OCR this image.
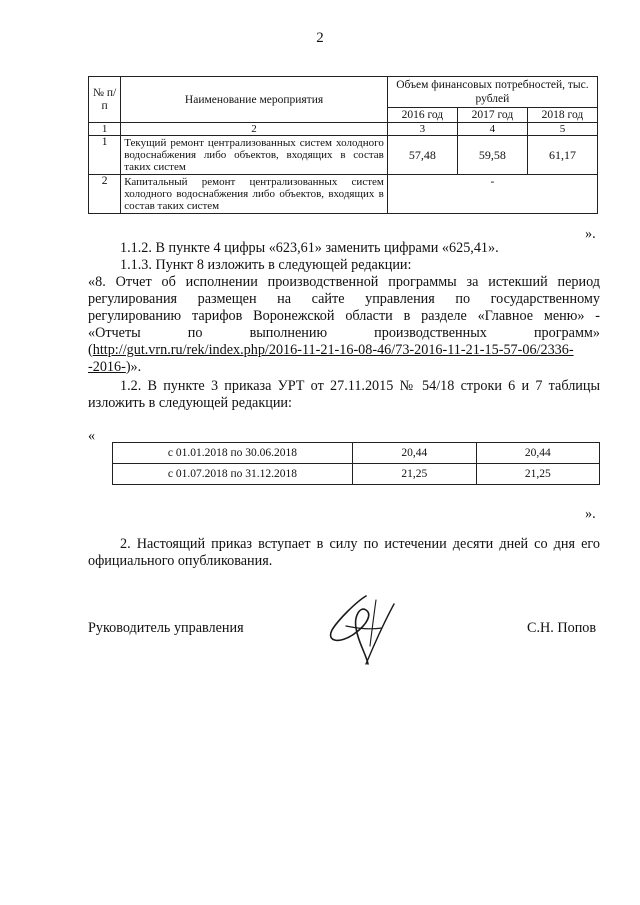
2
№ п/п	Наименование мероприятия	Объем финансовых потребностей, тыс. рублей		
		2016 год	2017 год	2018 год
1	2	3	4	5
1	Текущий ремонт централизованных систем холодного водоснабжения либо объектов, входящих в состав таких систем	57,48	59,58	61,17
2	Капитальный ремонт централизованных систем холодного водоснабжения либо объектов, входящих в состав таких систем	-		
».
1.1.2. В пункте 4 цифры «623,61» заменить цифрами «625,41».
1.1.3. Пункт 8 изложить в следующей редакции:
«8. Отчет об исполнении производственной программы за истекший период
регулирования размещен на сайте управления по государственному
регулированию тарифов Воронежской области в разделе «Главное меню» -
«Отчеты по выполнению производственных программ»
(http://gut.vrn.ru/rek/index.php/2016-11-21-16-08-46/73-2016-11-21-15-57-06/2336-
-2016-)».
1.2. В пункте 3 приказа УРТ от 27.11.2015 № 54/18 строки 6 и 7 таблицы
изложить в следующей редакции:
«
с 01.01.2018 по 30.06.2018	20,44	20,44
с 01.07.2018 по 31.12.2018	21,25	21,25
».
2. Настоящий приказ вступает в силу по истечении десяти дней со дня его
официального опубликования.
Руководитель управления	С.Н. Попов
